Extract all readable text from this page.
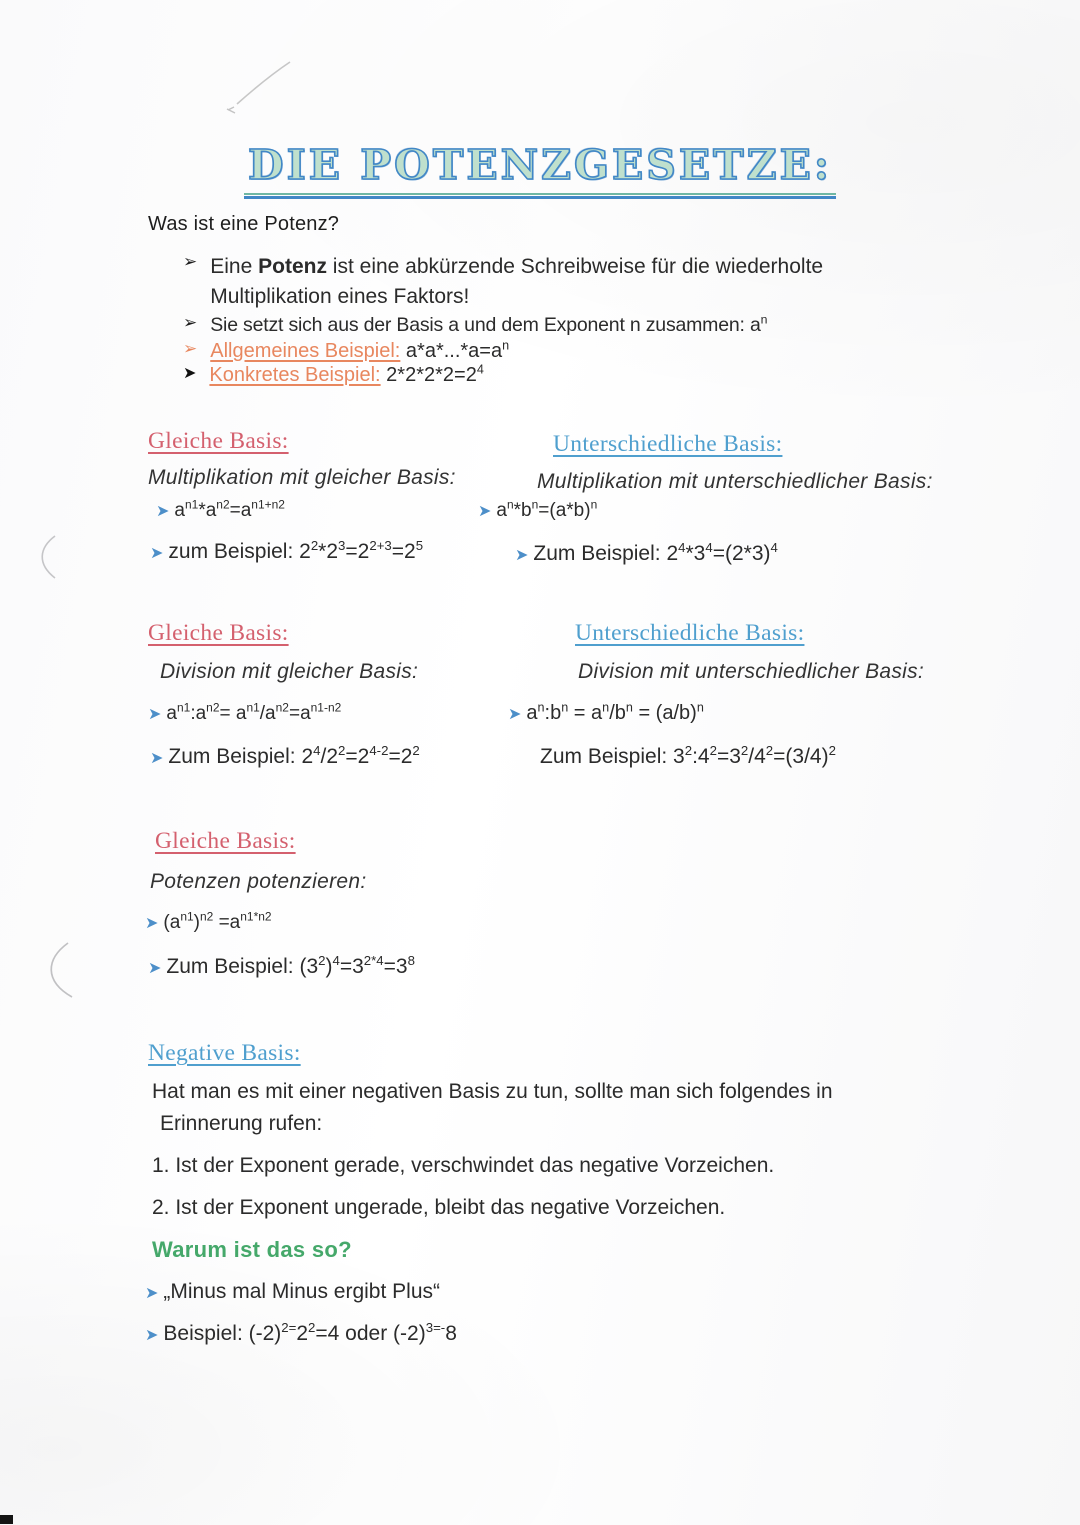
DIE POTENZGESETZE:
Was ist eine Potenz?
➢ Eine Potenz ist eine abkürzende Schreibweise für die wiederholte
Multiplikation eines Faktors!
➢ Sie setzt sich aus der Basis a und dem Exponent n zusammen: $a^n$
➢ Allgemeines Beispiel: $a*a*...*a=a^n$
➤ Konkretes Beispiel: $2*2*2*2=2^4$
Gleiche Basis:
Multiplikation mit gleicher Basis:
➤ $a^{n1}*a^{n2}=a^{n1+n2}$
➤ zum Beispiel: $2^2*2^3=2^{2+3}=2^5$
Unterschiedliche Basis:
Multiplikation mit unterschiedlicher Basis:
➤ $a^n*b^n=(a*b)^n$
➤ Zum Beispiel: $2^4*3^4=(2*3)^4$
Gleiche Basis:
Division mit gleicher Basis:
➤ $a^{n1}:a^{n2}= a^{n1}/a^{n2}=a^{n1-n2}$
➤ Zum Beispiel: $2^4/2^2=2^{4-2}=2^2$
Unterschiedliche Basis:
Division mit unterschiedlicher Basis:
➤ $a^n:b^n = a^n/b^n = (a/b)^n$
Zum Beispiel: $3^2:4^2=3^2/4^2=(3/4)^2$
Gleiche Basis:
Potenzen potenzieren:
➤ $(a^{n1})^{n2} =a^{n1*n2}$
➤ Zum Beispiel: $(3^2)^4=3^{2*4}=3^8$
Negative Basis:
Hat man es mit einer negativen Basis zu tun, sollte man sich folgendes in
Erinnerung rufen:
1. Ist der Exponent gerade, verschwindet das negative Vorzeichen.
2. Ist der Exponent ungerade, bleibt das negative Vorzeichen.
Warum ist das so?
➤ „Minus mal Minus ergibt Plus“
➤ Beispiel: $(-2)^{2=}2^2=4$ oder $(-2)^{3=-}8$
